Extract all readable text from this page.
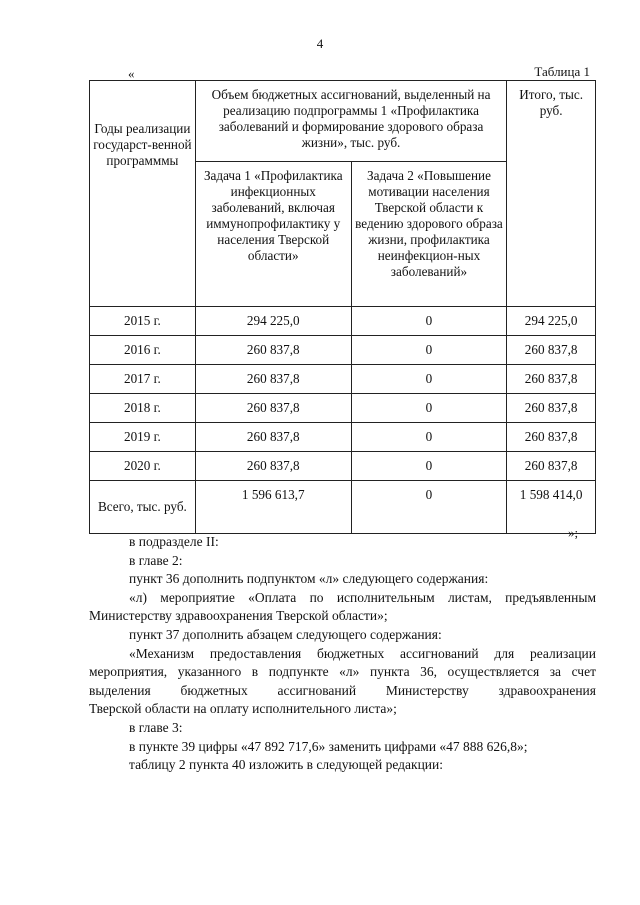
4
«	Таблица 1
Годы реализации государст-венной программмы	Объем бюджетных ассигнований, выделенный на реализацию подпрограммы 1 «Профилактика заболеваний и формирование здорового образа жизни», тыс. руб.		Итого, тыс. руб.
	Задача 1 «Профилактика инфекционных заболеваний, включая иммунопрофилактику у населения Тверской области»	Задача 2 «Повышение мотивации населения Тверской области к ведению здорового образа жизни, профилактика неинфекцион-ных заболеваний»	
2015 г.	294 225,0	0	294 225,0
2016 г.	260 837,8	0	260 837,8
2017 г.	260 837,8	0	260 837,8
2018 г.	260 837,8	0	260 837,8
2019 г.	260 837,8	0	260 837,8
2020 г.	260 837,8	0	260 837,8
Всего, тыс. руб.	1 596 613,7	0	1 598 414,0
»;

в подразделе II:

в главе 2:

пункт 36 дополнить подпунктом «л» следующего содержания:

«л) мероприятие «Оплата по исполнительным листам, предъявленным

Министерству здравоохранения Тверской области»;

пункт 37 дополнить абзацем следующего содержания:

«Механизм предоставления бюджетных ассигнований для реализации

мероприятия, указанного в подпункте «л» пункта 36, осуществляется за счет

выделения бюджетных ассигнований Министерству здравоохранения

Тверской области на оплату исполнительного листа»;

в главе 3:

в пункте 39 цифры «47 892 717,6» заменить цифрами «47 888 626,8»;

таблицу 2 пункта 40 изложить в следующей редакции:
